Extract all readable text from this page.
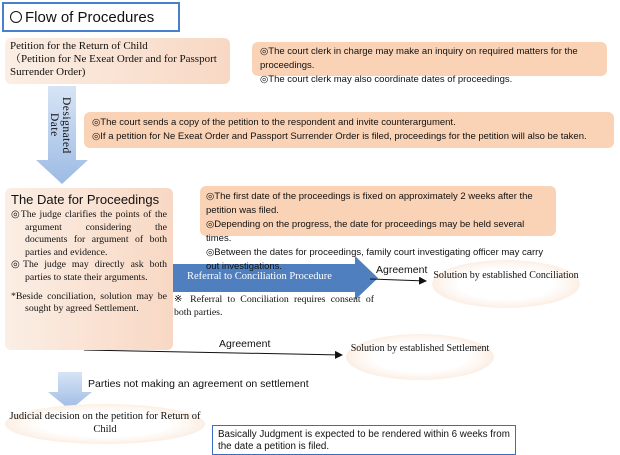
Flow of Procedures
Petition for the Return of Child
（Petition for Ne Exeat Order and for Passport Surrender Order)
◎The court clerk in charge may make an inquiry on required matters for the proceedings.
◎The court clerk may also coordinate dates of proceedings.
Designated Date	◎The court sends a copy of the petition to the respondent and invite counterargument.
◎If a petition for Ne Exeat Order and Passport Surrender Order is filed, proceedings for the petition will also be taken.
The Date for Proceedings

◎The judge clarifies the points of the argument considering the documents for argument of both parties and evidence.

◎The judge may directly ask both parties to state their arguments.

*Beside conciliation, solution may be sought by agreed Settlement.

◎The first date of the proceedings is fixed on approximately 2 weeks after the petition was filed.
◎Depending on the progress, the date for proceedings may be held several times.
◎Between the dates for proceedings, family court investigating officer may carry out investigations.
Referral to Conciliation Procedure
※ Referral to Conciliation requires consent of both parties.
Agreement Solution by established Conciliation
Agreement	Solution by established Settlement
Parties not making an agreement on settlement
Judicial decision on the petition for Return of Child	Basically Judgment is expected to be rendered within 6 weeks from the date a petition is filed.
